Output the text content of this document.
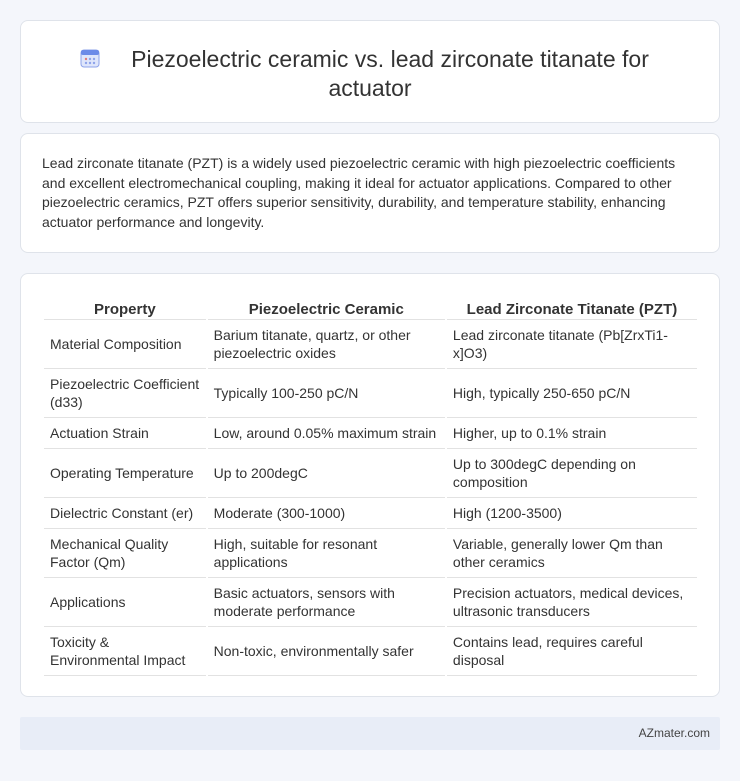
Piezoelectric ceramic vs. lead zirconate titanate for
actuator

Lead zirconate titanate (PZT) is a widely used piezoelectric ceramic with high piezoelectric coefficients and excellent electromechanical coupling, making it ideal for actuator applications. Compared to other piezoelectric ceramics, PZT offers superior sensitivity, durability, and temperature stability, enhancing actuator performance and longevity.

Property	Piezoelectric Ceramic	Lead Zirconate Titanate (PZT)
Material Composition	Barium titanate, quartz, or other piezoelectric oxides	Lead zirconate titanate (Pb[ZrxTi1-x]O3)
Piezoelectric Coefficient (d33)	Typically 100-250 pC/N	High, typically 250-650 pC/N
Actuation Strain	Low, around 0.05% maximum strain	Higher, up to 0.1% strain
Operating Temperature	Up to 200degC	Up to 300degC depending on composition
Dielectric Constant (er)	Moderate (300-1000)	High (1200-3500)
Mechanical Quality Factor (Qm)	High, suitable for resonant applications	Variable, generally lower Qm than other ceramics
Applications	Basic actuators, sensors with moderate performance	Precision actuators, medical devices, ultrasonic transducers
Toxicity & Environmental Impact	Non-toxic, environmentally safer	Contains lead, requires careful disposal
AZmater.com
